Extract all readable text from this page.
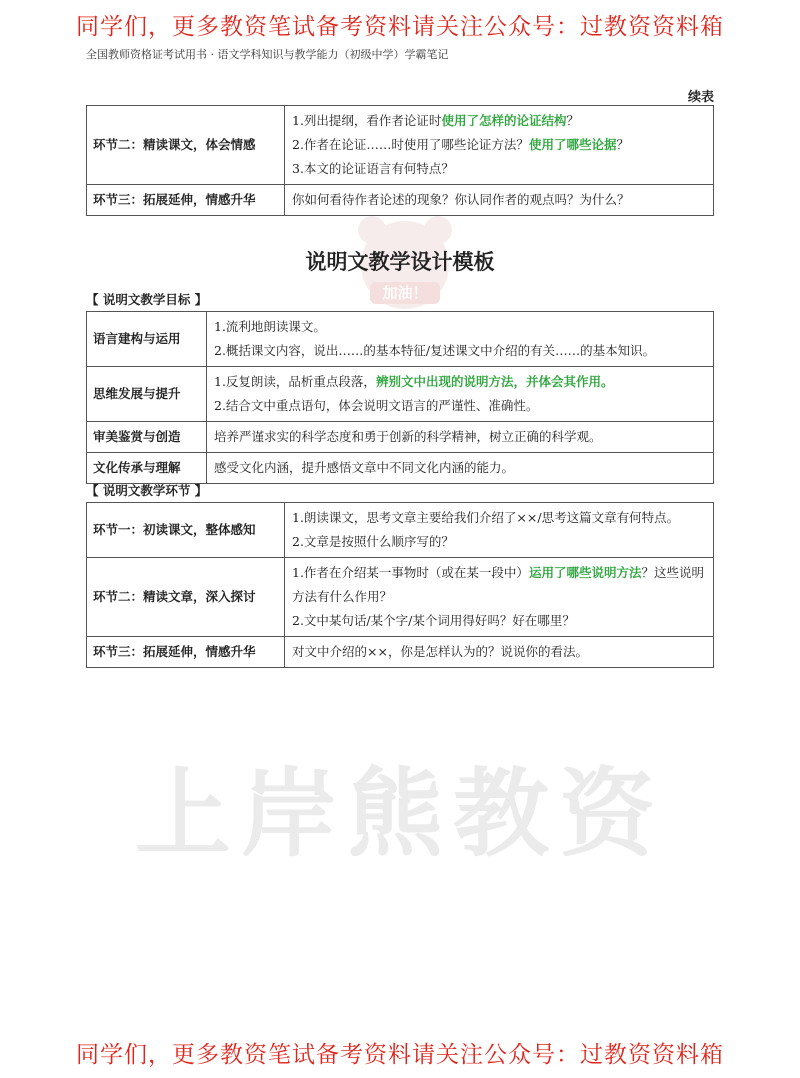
同学们，更多教资笔试备考资料请关注公众号：过教资资料箱
全国教师资格证考试用书 · 语文学科知识与教学能力（初级中学）学霸笔记
续表
上岸熊教资
加油！
环节二：精读课文，体会情感	1.列出提纲，看作者论证时使用了怎样的论证结构？
2.作者在论证……时使用了哪些论证方法？使用了哪些论据？
3.本文的论证语言有何特点？

环节三：拓展延伸，情感升华	你如何看待作者论述的现象？你认同作者的观点吗？为什么？
说明文教学设计模板
【 说明文教学目标 】
语言建构与运用	1.流利地朗读课文。
2.概括课文内容，说出……的基本特征/复述课文中介绍的有关……的基本知识。

思维发展与提升	1.反复朗读，品析重点段落，辨别文中出现的说明方法，并体会其作用。
2.结合文中重点语句，体会说明文语言的严谨性、准确性。

审美鉴赏与创造	培养严谨求实的科学态度和勇于创新的科学精神，树立正确的科学观。

文化传承与理解	感受文化内涵，提升感悟文章中不同文化内涵的能力。
【 说明文教学环节 】
环节一：初读课文，整体感知	1.朗读课文，思考文章主要给我们介绍了××/思考这篇文章有何特点。
2.文章是按照什么顺序写的？

环节二：精读文章，深入探讨	1.作者在介绍某一事物时（或在某一段中）运用了哪些说明方法？这些说明方法有什么作用？
2.文中某句话/某个字/某个词用得好吗？好在哪里？

环节三：拓展延伸，情感升华	对文中介绍的××，你是怎样认为的？说说你的看法。
同学们，更多教资笔试备考资料请关注公众号：过教资资料箱
